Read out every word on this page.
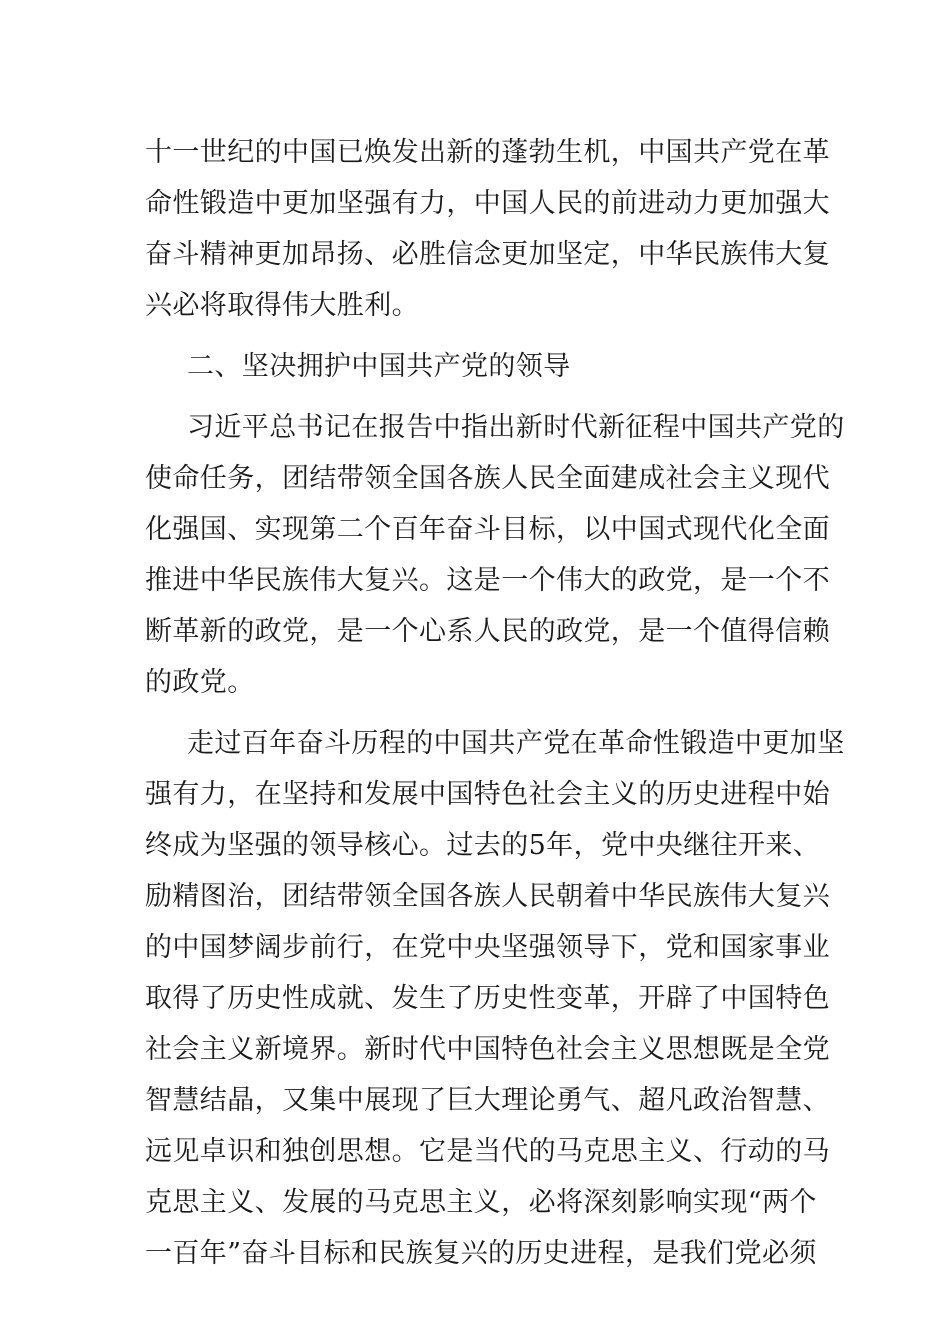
十一世纪的中国已焕发出新的蓬勃生机，中国共产党在革
命性锻造中更加坚强有力，中国人民的前进动力更加强大
奋斗精神更加昂扬、必胜信念更加坚定，中华民族伟大复
兴必将取得伟大胜利。
二、坚决拥护中国共产党的领导
习近平总书记在报告中指出新时代新征程中国共产党的
使命任务，团结带领全国各族人民全面建成社会主义现代
化强国、实现第二个百年奋斗目标，以中国式现代化全面
推进中华民族伟大复兴。这是一个伟大的政党，是一个不
断革新的政党，是一个心系人民的政党，是一个值得信赖
的政党。
走过百年奋斗历程的中国共产党在革命性锻造中更加坚
强有力，在坚持和发展中国特色社会主义的历史进程中始
终成为坚强的领导核心。过去的5年，党中央继往开来、
励精图治，团结带领全国各族人民朝着中华民族伟大复兴
的中国梦阔步前行，在党中央坚强领导下，党和国家事业
取得了历史性成就、发生了历史性变革，开辟了中国特色
社会主义新境界。新时代中国特色社会主义思想既是全党
智慧结晶，又集中展现了巨大理论勇气、超凡政治智慧、
远见卓识和独创思想。它是当代的马克思主义、行动的马
克思主义、发展的马克思主义，必将深刻影响实现“两个
一百年”奋斗目标和民族复兴的历史进程，是我们党必须
